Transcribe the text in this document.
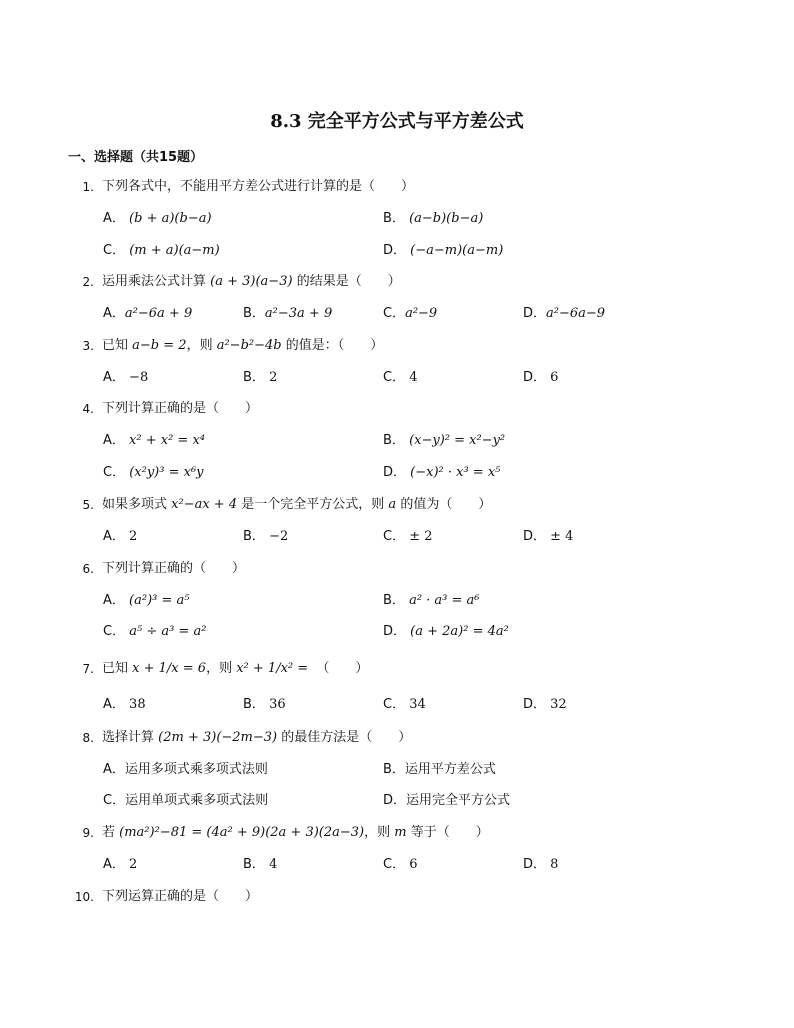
8.3 完全平方公式与平方差公式
一、选择题（共15题）
1. 下列各式中，不能用平方差公式进行计算的是（　　）
A． (b + a)(b−a)	B． (a−b)(b−a)
C． (m + a)(a−m)	D． (−a−m)(a−m)
2. 运用乘法公式计算 (a + 3)(a−3) 的结果是（　　）
A．a²−6a + 9	B．a²−3a + 9	C．a²−9	D．a²−6a−9
3. 已知 a−b = 2，则 a²−b²−4b 的值是：（　　）
A． −8	B． 2	C． 4	D． 6
4. 下列计算正确的是（　　）
A． x² + x² = x⁴	B． (x−y)² = x²−y²
C． (x²y)³ = x⁶y	D． (−x)² · x³ = x⁵
5. 如果多项式 x²−ax + 4 是一个完全平方公式，则 a 的值为（　　）
A． 2	B． −2	C． ± 2	D． ± 4
6. 下列计算正确的（　　）
A． (a²)³ = a⁵	B． a² · a³ = a⁶
C． a⁵ ÷ a³ = a²	D． (a + 2a)² = 4a²
7. 已知 x + 1/x = 6，则 x² + 1/x² = （　　）
A． 38	B． 36	C． 34	D． 32
8. 选择计算 (2m + 3)(−2m−3) 的最佳方法是（　　）
A．运用多项式乘多项式法则	B．运用平方差公式
C．运用单项式乘多项式法则	D．运用完全平方公式
9. 若 (ma²)²−81 = (4a² + 9)(2a + 3)(2a−3)，则 m 等于（　　）
A． 2	B． 4	C． 6	D． 8
10. 下列运算正确的是（　　）
